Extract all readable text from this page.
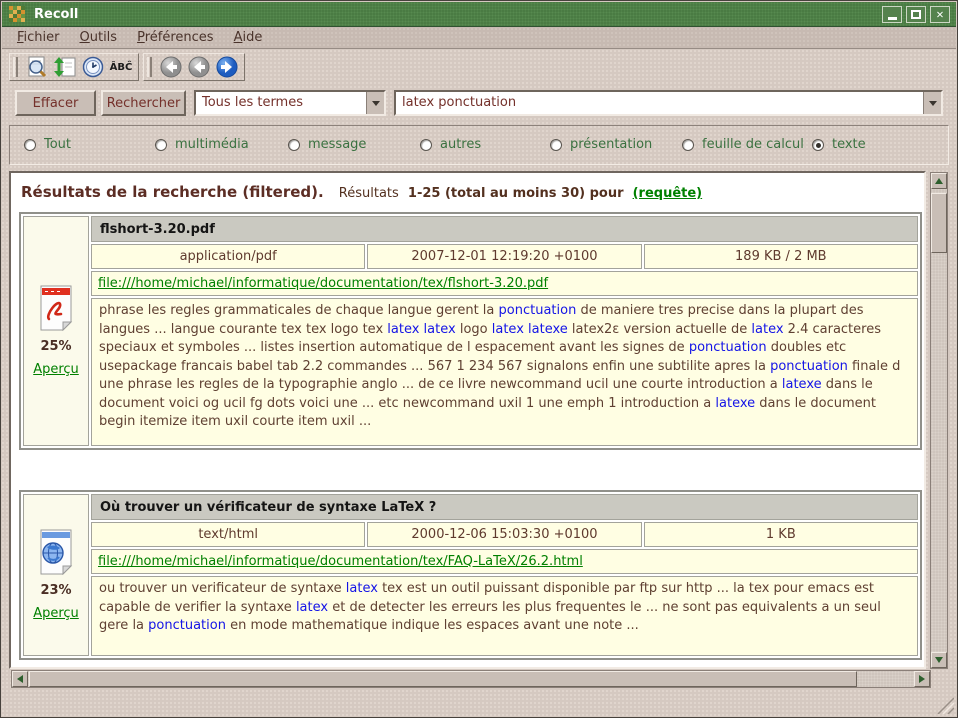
Recoll	✕
Fichier	Outils	Préférences	Aide
ÂBĈ
Effacer	Rechercher	Tous les termes	latex ponctuation
Tout	multimédia	message	autres	présentation	feuille de calcul texte
Résultats de la recherche (filtered). Résultats 1-25 (total au moins 30) pour (requête)
25%
Aperçu
flshort-3.20.pdf
application/pdf	2007-12-01 12:19:20 +0100	189 KB / 2 MB
file:///home/michael/informatique/documentation/tex/flshort-3.20.pdf
phrase les regles grammaticales de chaque langue gerent la ponctuation de maniere tres precise dans la plupart des langues ... langue courante tex tex logo tex latex latex logo latex latexe latex2ε version actuelle de latex 2.4 caracteres speciaux et symboles ... listes insertion automatique de l espacement avant les signes de ponctuation doubles etc usepackage francais babel tab 2.2 commandes ... 567 1 234 567 signalons enfin une subtilite apres la ponctuation finale d une phrase les regles de la typographie anglo ... de ce livre newcommand ucil une courte introduction a latexe dans le document voici og ucil fg dots voici une ... etc newcommand uxil 1 une emph 1 introduction a latexe dans le document begin itemize item uxil courte item uxil ...
23%
Aperçu
Où trouver un vérificateur de syntaxe LaTeX ?
text/html	2000-12-06 15:03:30 +0100	1 KB
file:///home/michael/informatique/documentation/tex/FAQ-LaTeX/26.2.html
ou trouver un verificateur de syntaxe latex tex est un outil puissant disponible par ftp sur http ... la tex pour emacs est capable de verifier la syntaxe latex et de detecter les erreurs les plus frequentes le ... ne sont pas equivalents a un seul gere la ponctuation en mode mathematique indique les espaces avant une note ...
